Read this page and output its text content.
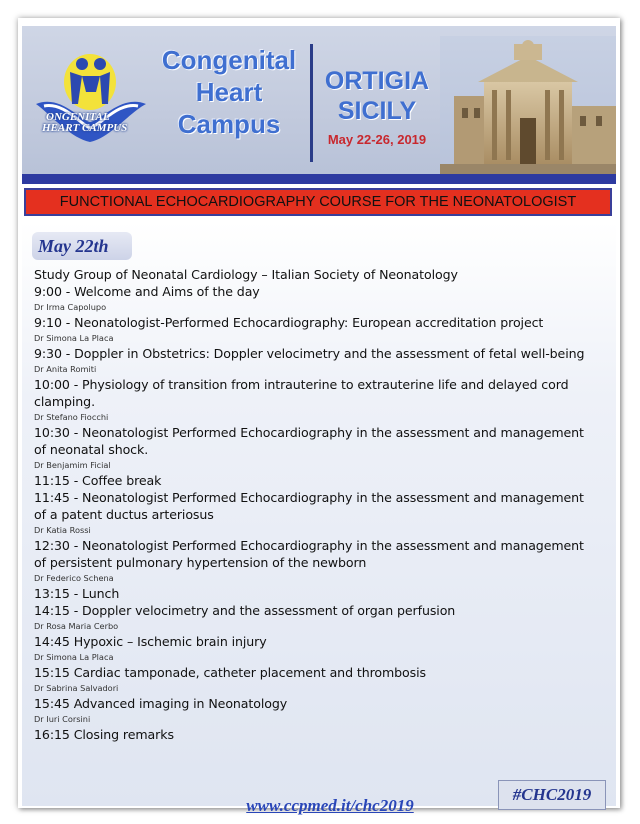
ONGENITAL
HEART CAMPUS
Congenital
Heart
Campus
ORTIGIA
SICILY
May 22-26, 2019
FUNCTIONAL ECHOCARDIOGRAPHY COURSE FOR THE NEONATOLOGIST
May 22th
Study Group of Neonatal Cardiology – Italian Society of Neonatology
9:00 - Welcome and Aims of the day
Dr Irma Capolupo
9:10 - Neonatologist-Performed Echocardiography: European accreditation project
Dr Simona La Placa
9:30 - Doppler in Obstetrics: Doppler velocimetry and the assessment of fetal well-being
Dr Anita Romiti
10:00 - Physiology of transition from intrauterine to extrauterine life and delayed cord
clamping.
Dr Stefano Fiocchi
10:30 - Neonatologist Performed Echocardiography in the assessment and management
of neonatal shock.
Dr Benjamim Ficial
11:15 - Coffee break
11:45 - Neonatologist Performed Echocardiography in the assessment and management
of a patent ductus arteriosus
Dr Katia Rossi
12:30 - Neonatologist Performed Echocardiography in the assessment and management
of persistent pulmonary hypertension of the newborn
Dr Federico Schena
13:15 - Lunch
14:15 - Doppler velocimetry and the assessment of organ perfusion
Dr Rosa Maria Cerbo
14:45 Hypoxic – Ischemic brain injury
Dr Simona La Placa
15:15 Cardiac tamponade, catheter placement and thrombosis
Dr Sabrina Salvadori
15:45 Advanced imaging in Neonatology
Dr Iuri Corsini
16:15 Closing remarks
www.ccpmed.it/chc2019
#CHC2019
